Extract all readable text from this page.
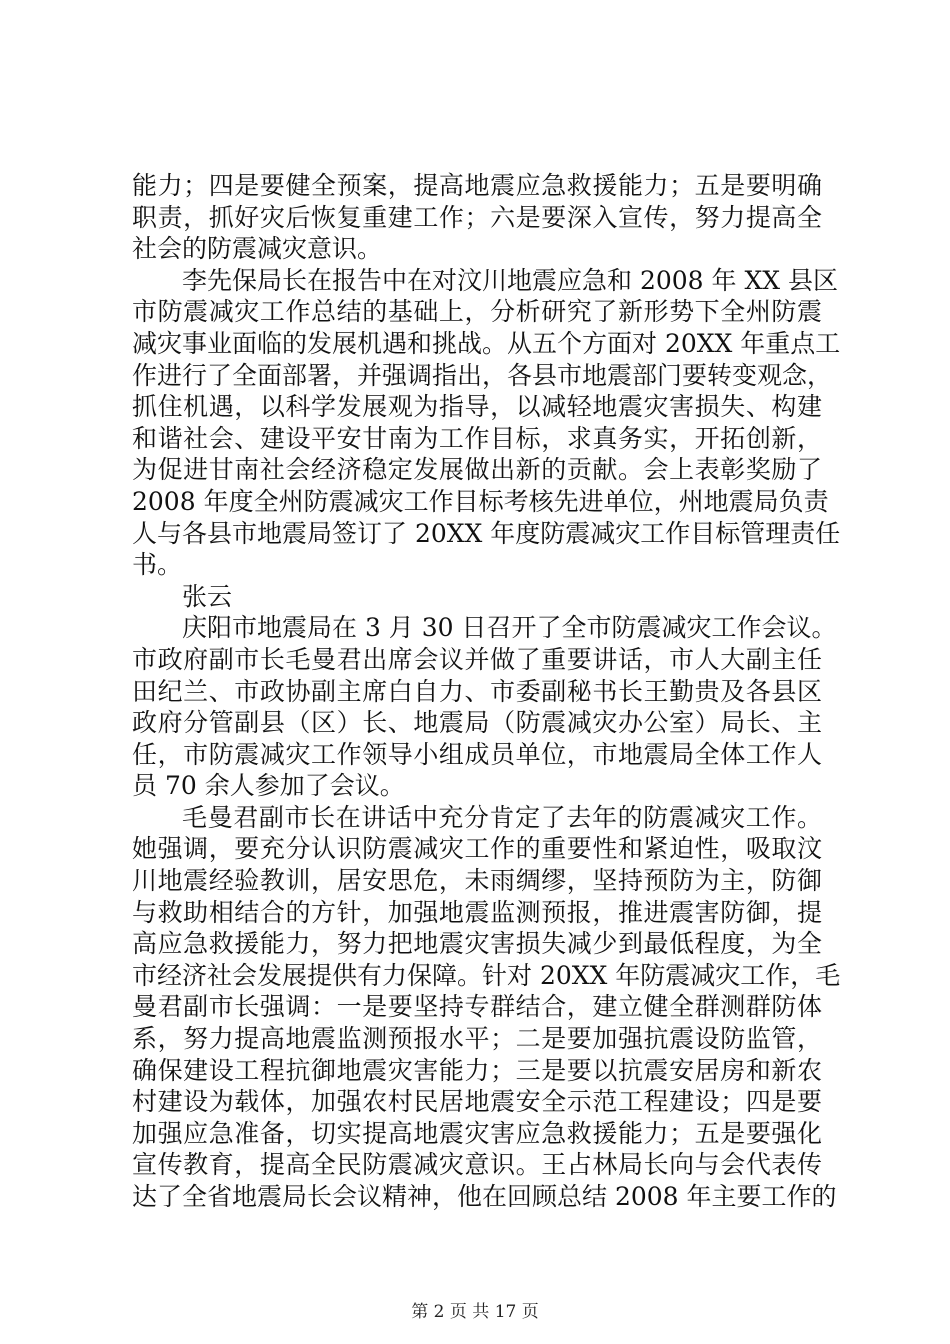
能力；四是要健全预案，提高地震应急救援能力；五是要明确
职责，抓好灾后恢复重建工作；六是要深入宣传，努力提高全
社会的防震减灾意识。
李先保局长在报告中在对汶川地震应急和 2008 年 XX 县区
市防震减灾工作总结的基础上，分析研究了新形势下全州防震
减灾事业面临的发展机遇和挑战。从五个方面对 20XX 年重点工
作进行了全面部署，并强调指出，各县市地震部门要转变观念，
抓住机遇，以科学发展观为指导，以减轻地震灾害损失、构建
和谐社会、建设平安甘南为工作目标，求真务实，开拓创新，
为促进甘南社会经济稳定发展做出新的贡献。会上表彰奖励了
2008 年度全州防震减灾工作目标考核先进单位，州地震局负责
人与各县市地震局签订了 20XX 年度防震减灾工作目标管理责任
书。
张云
庆阳市地震局在 3 月 30 日召开了全市防震减灾工作会议。
市政府副市长毛曼君出席会议并做了重要讲话，市人大副主任
田纪兰、市政协副主席白自力、市委副秘书长王勤贵及各县区
政府分管副县（区）长、地震局（防震减灾办公室）局长、主
任，市防震减灾工作领导小组成员单位，市地震局全体工作人
员 70 余人参加了会议。
毛曼君副市长在讲话中充分肯定了去年的防震减灾工作。
她强调，要充分认识防震减灾工作的重要性和紧迫性，吸取汶
川地震经验教训，居安思危，未雨绸缪，坚持预防为主，防御
与救助相结合的方针，加强地震监测预报，推进震害防御，提
高应急救援能力，努力把地震灾害损失减少到最低程度，为全
市经济社会发展提供有力保障。针对 20XX 年防震减灾工作，毛
曼君副市长强调：一是要坚持专群结合，建立健全群测群防体
系，努力提高地震监测预报水平；二是要加强抗震设防监管，
确保建设工程抗御地震灾害能力；三是要以抗震安居房和新农
村建设为载体，加强农村民居地震安全示范工程建设；四是要
加强应急准备，切实提高地震灾害应急救援能力；五是要强化
宣传教育，提高全民防震减灾意识。王占林局长向与会代表传
达了全省地震局长会议精神，他在回顾总结 2008 年主要工作的
第 2 页 共 17 页
